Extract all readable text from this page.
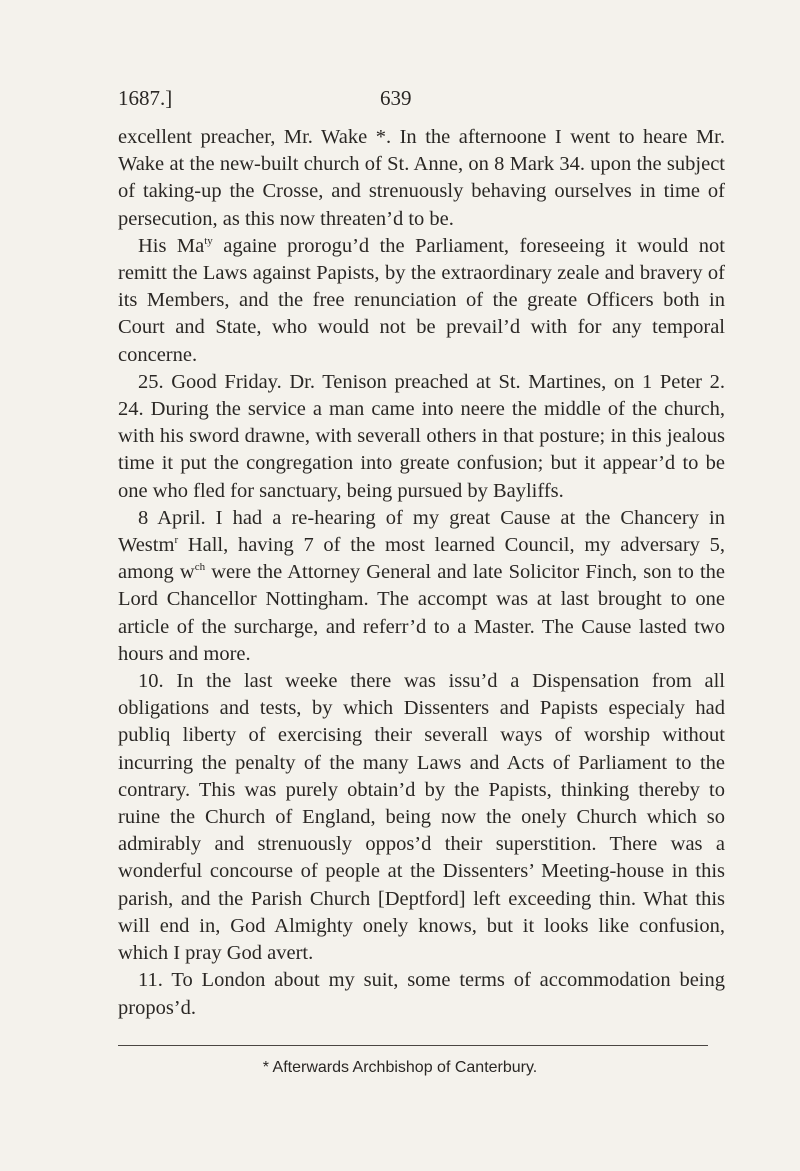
1687.]	639

excellent preacher, Mr. Wake *. In the afternoone I went to heare Mr. Wake at the new-built church of St. Anne, on 8 Mark 34. upon the subject of taking-up the Crosse, and strenuously behaving ourselves in time of persecution, as this now threaten’d to be.

His $Ma^{ty}$ againe prorogu’d the Parliament, foreseeing it would not remitt the Laws against Papists, by the extraordinary zeale and bravery of its Members, and the free renunciation of the greate Officers both in Court and State, who would not be prevail’d with for any temporal concerne.

25. Good Friday. Dr. Tenison preached at St. Martines, on 1 Peter 2. 24. During the service a man came into neere the middle of the church, with his sword drawne, with severall others in that posture; in this jealous time it put the congregation into greate confusion; but it appear’d to be one who fled for sanctuary, being pursued by Bayliffs.

8 April. I had a re-hearing of my great Cause at the Chancery in Westm$^r$ Hall, having 7 of the most learned Council, my adversary 5, among $w^{ch}$ were the Attorney General and late Solicitor Finch, son to the Lord Chancellor Nottingham. The accompt was at last brought to one article of the surcharge, and referr’d to a Master. The Cause lasted two hours and more.

10. In the last weeke there was issu’d a Dispensation from all obligations and tests, by which Dissenters and Papists especialy had publiq liberty of exercising their severall ways of worship without incurring the penalty of the many Laws and Acts of Parliament to the contrary. This was purely obtain’d by the Papists, thinking thereby to ruine the Church of England, being now the onely Church which so admirably and strenuously oppos’d their superstition. There was a wonderful concourse of people at the Dissenters’ Meeting-house in this parish, and the Parish Church [Deptford] left exceeding thin. What this will end in, God Almighty onely knows, but it looks like confusion, which I pray God avert.

11. To London about my suit, some terms of accommodation being propos’d.

* Afterwards Archbishop of Canterbury.
